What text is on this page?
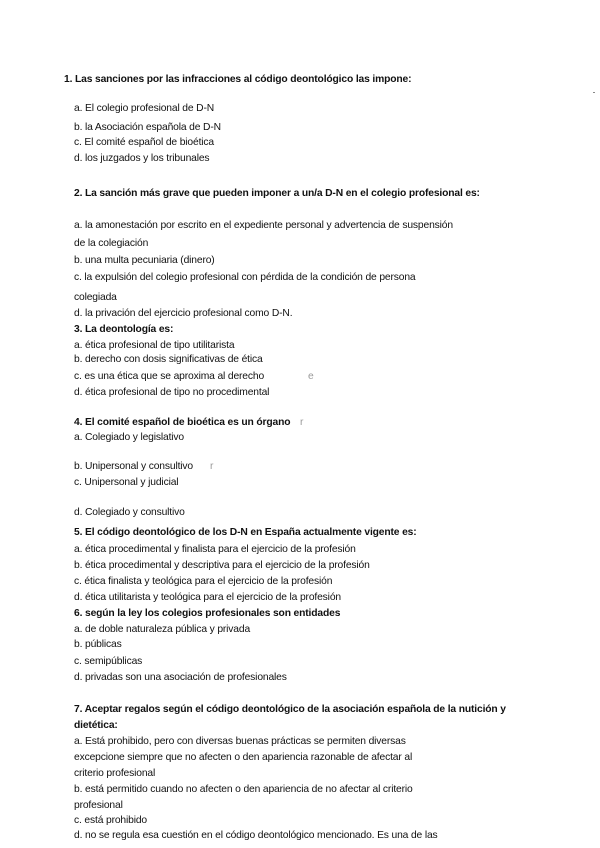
1. Las sanciones por las infracciones al código deontológico las impone:
a. El colegio profesional de D-N
b. la Asociación española de D-N
c. El comité español de bioética
d. los juzgados y los tribunales
2. La sanción más grave que pueden imponer a un/a D-N en el colegio profesional es:
a. la amonestación por escrito en el expediente personal y advertencia de suspensión
de la colegiación
b. una multa pecuniaria (dinero)
c. la expulsión del colegio profesional con pérdida de la condición de persona
colegiada
d. la privación del ejercicio profesional como D-N.
3. La deontología es:
a. ética profesional de tipo utilitarista
b. derecho con dosis significativas de ética
c. es una ética que se aproxima al derecho	e
d. ética profesional de tipo no procedimental
4. El comité español de bioética es un órgano r
a. Colegiado y legislativo
b. Unipersonal y consultivo r
c. Unipersonal y judicial
d. Colegiado y consultivo
5. El código deontológico de los D-N en España actualmente vigente es:
a. ética procedimental y finalista para el ejercicio de la profesión
b. ética procedimental y descriptiva para el ejercicio de la profesión
c. ética finalista y teológica para el ejercicio de la profesión
d. ética utilitarista y teológica para el ejercicio de la profesión
6. según la ley los colegios profesionales son entidades
a. de doble naturaleza pública y privada
b. públicas
c. semipúblicas
d. privadas son una asociación de profesionales
7. Aceptar regalos según el código deontológico de la asociación española de la nutición y
dietética:
a. Está prohibido, pero con diversas buenas prácticas se permiten diversas
excepcione siempre que no afecten o den apariencia razonable de afectar al
criterio profesional
b. está permitido cuando no afecten o den apariencia de no afectar al criterio
profesional
c. está prohibido
d. no se regula esa cuestión en el código deontológico mencionado. Es una de las
